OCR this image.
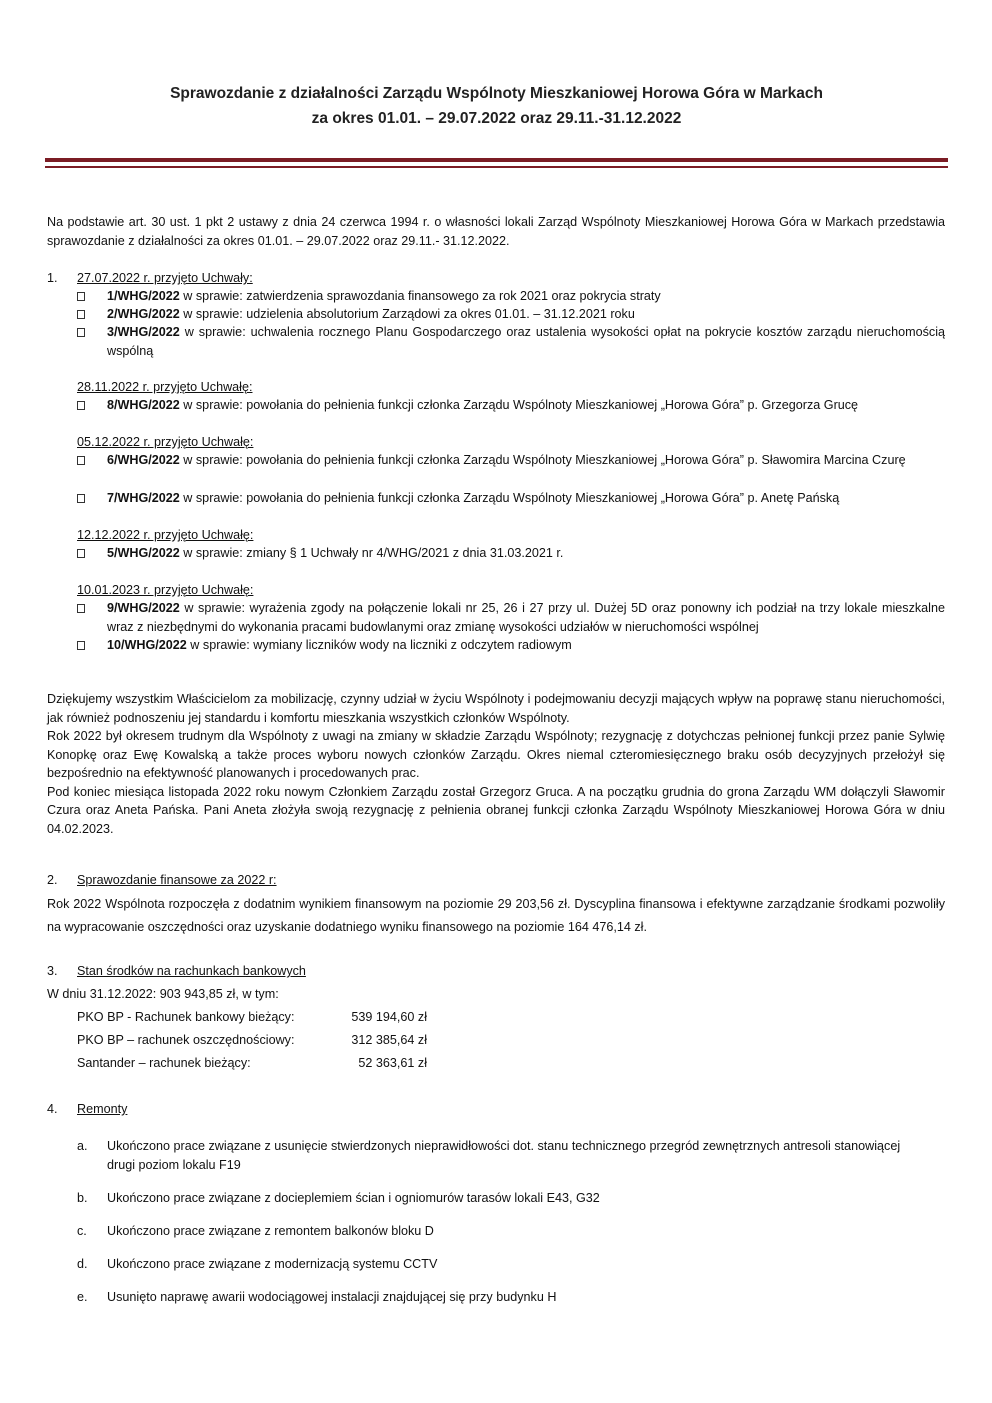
Sprawozdanie z działalności Zarządu Wspólnoty Mieszkaniowej Horowa Góra w Markach
za okres 01.01. – 29.07.2022 oraz 29.11.-31.12.2022
Na podstawie art. 30 ust. 1 pkt 2 ustawy z dnia 24 czerwca 1994 r. o własności lokali Zarząd Wspólnoty Mieszkaniowej Horowa Góra w Markach przedstawia sprawozdanie z działalności za okres 01.01. – 29.07.2022 oraz 29.11.- 31.12.2022.
1. 27.07.2022 r. przyjęto Uchwały:
1/WHG/2022 w sprawie: zatwierdzenia sprawozdania finansowego za rok 2021 oraz pokrycia straty
2/WHG/2022 w sprawie: udzielenia absolutorium Zarządowi za okres 01.01. – 31.12.2021 roku
3/WHG/2022 w sprawie: uchwalenia rocznego Planu Gospodarczego oraz ustalenia wysokości opłat na pokrycie kosztów zarządu nieruchomością wspólną
28.11.2022 r. przyjęto Uchwałę:
8/WHG/2022 w sprawie: powołania do pełnienia funkcji członka Zarządu Wspólnoty Mieszkaniowej „Horowa Góra” p. Grzegorza Grucę
05.12.2022 r. przyjęto Uchwałę:
6/WHG/2022 w sprawie: powołania do pełnienia funkcji członka Zarządu Wspólnoty Mieszkaniowej „Horowa Góra” p. Sławomira Marcina Czurę
7/WHG/2022 w sprawie: powołania do pełnienia funkcji członka Zarządu Wspólnoty Mieszkaniowej „Horowa Góra” p. Anetę Pańską
12.12.2022 r. przyjęto Uchwałę:
5/WHG/2022 w sprawie: zmiany § 1 Uchwały nr 4/WHG/2021 z dnia 31.03.2021 r.
10.01.2023 r. przyjęto Uchwałę:
9/WHG/2022 w sprawie: wyrażenia zgody na połączenie lokali nr 25, 26 i 27 przy ul. Dużej 5D oraz ponowny ich podział na trzy lokale mieszkalne wraz z niezbędnymi do wykonania pracami budowlanymi oraz zmianę wysokości udziałów w nieruchomości wspólnej
10/WHG/2022 w sprawie: wymiany liczników wody na liczniki z odczytem radiowym
Dziękujemy wszystkim Właścicielom za mobilizację, czynny udział w życiu Wspólnoty i podejmowaniu decyzji mających wpływ na poprawę stanu nieruchomości, jak również podnoszeniu jej standardu i komfortu mieszkania wszystkich członków Wspólnoty.
Rok 2022 był okresem trudnym dla Wspólnoty z uwagi na zmiany w składzie Zarządu Wspólnoty; rezygnację z dotychczas pełnionej funkcji przez panie Sylwię Konopkę oraz Ewę Kowalską a także proces wyboru nowych członków Zarządu. Okres niemal czteromiesięcznego braku osób decyzyjnych przełożył się bezpośrednio na efektywność planowanych i procedowanych prac.
Pod koniec miesiąca listopada 2022 roku nowym Członkiem Zarządu został Grzegorz Gruca. A na początku grudnia do grona Zarządu WM dołączyli Sławomir Czura oraz Aneta Pańska. Pani Aneta złożyła swoją rezygnację z pełnienia obranej funkcji członka Zarządu Wspólnoty Mieszkaniowej Horowa Góra w dniu 04.02.2023.
2. Sprawozdanie finansowe za 2022 r:
Rok 2022 Wspólnota rozpoczęła z dodatnim wynikiem finansowym na poziomie 29 203,56 zł. Dyscyplina finansowa i efektywne zarządzanie środkami pozwoliły na wypracowanie oszczędności oraz uzyskanie dodatniego wyniku finansowego na poziomie 164 476,14 zł.
3. Stan środków na rachunkach bankowych
W dniu 31.12.2022: 903 943,85 zł, w tym:
PKO BP - Rachunek bankowy bieżący:	539 194,60 zł
PKO BP – rachunek oszczędnościowy:	312 385,64 zł
Santander – rachunek bieżący:	52 363,61 zł
4. Remonty
a.	Ukończono prace związane z usunięcie stwierdzonych nieprawidłowości dot. stanu technicznego przegród zewnętrznych antresoli stanowiącej drugi poziom lokalu F19
b.	Ukończono prace związane z docieplemiem ścian i ogniomurów tarasów lokali E43, G32
c.	Ukończono prace związane z remontem balkonów bloku D
d.	Ukończono prace związane z modernizacją systemu CCTV
e.	Usunięto naprawę awarii wodociągowej instalacji znajdującej się przy budynku H
